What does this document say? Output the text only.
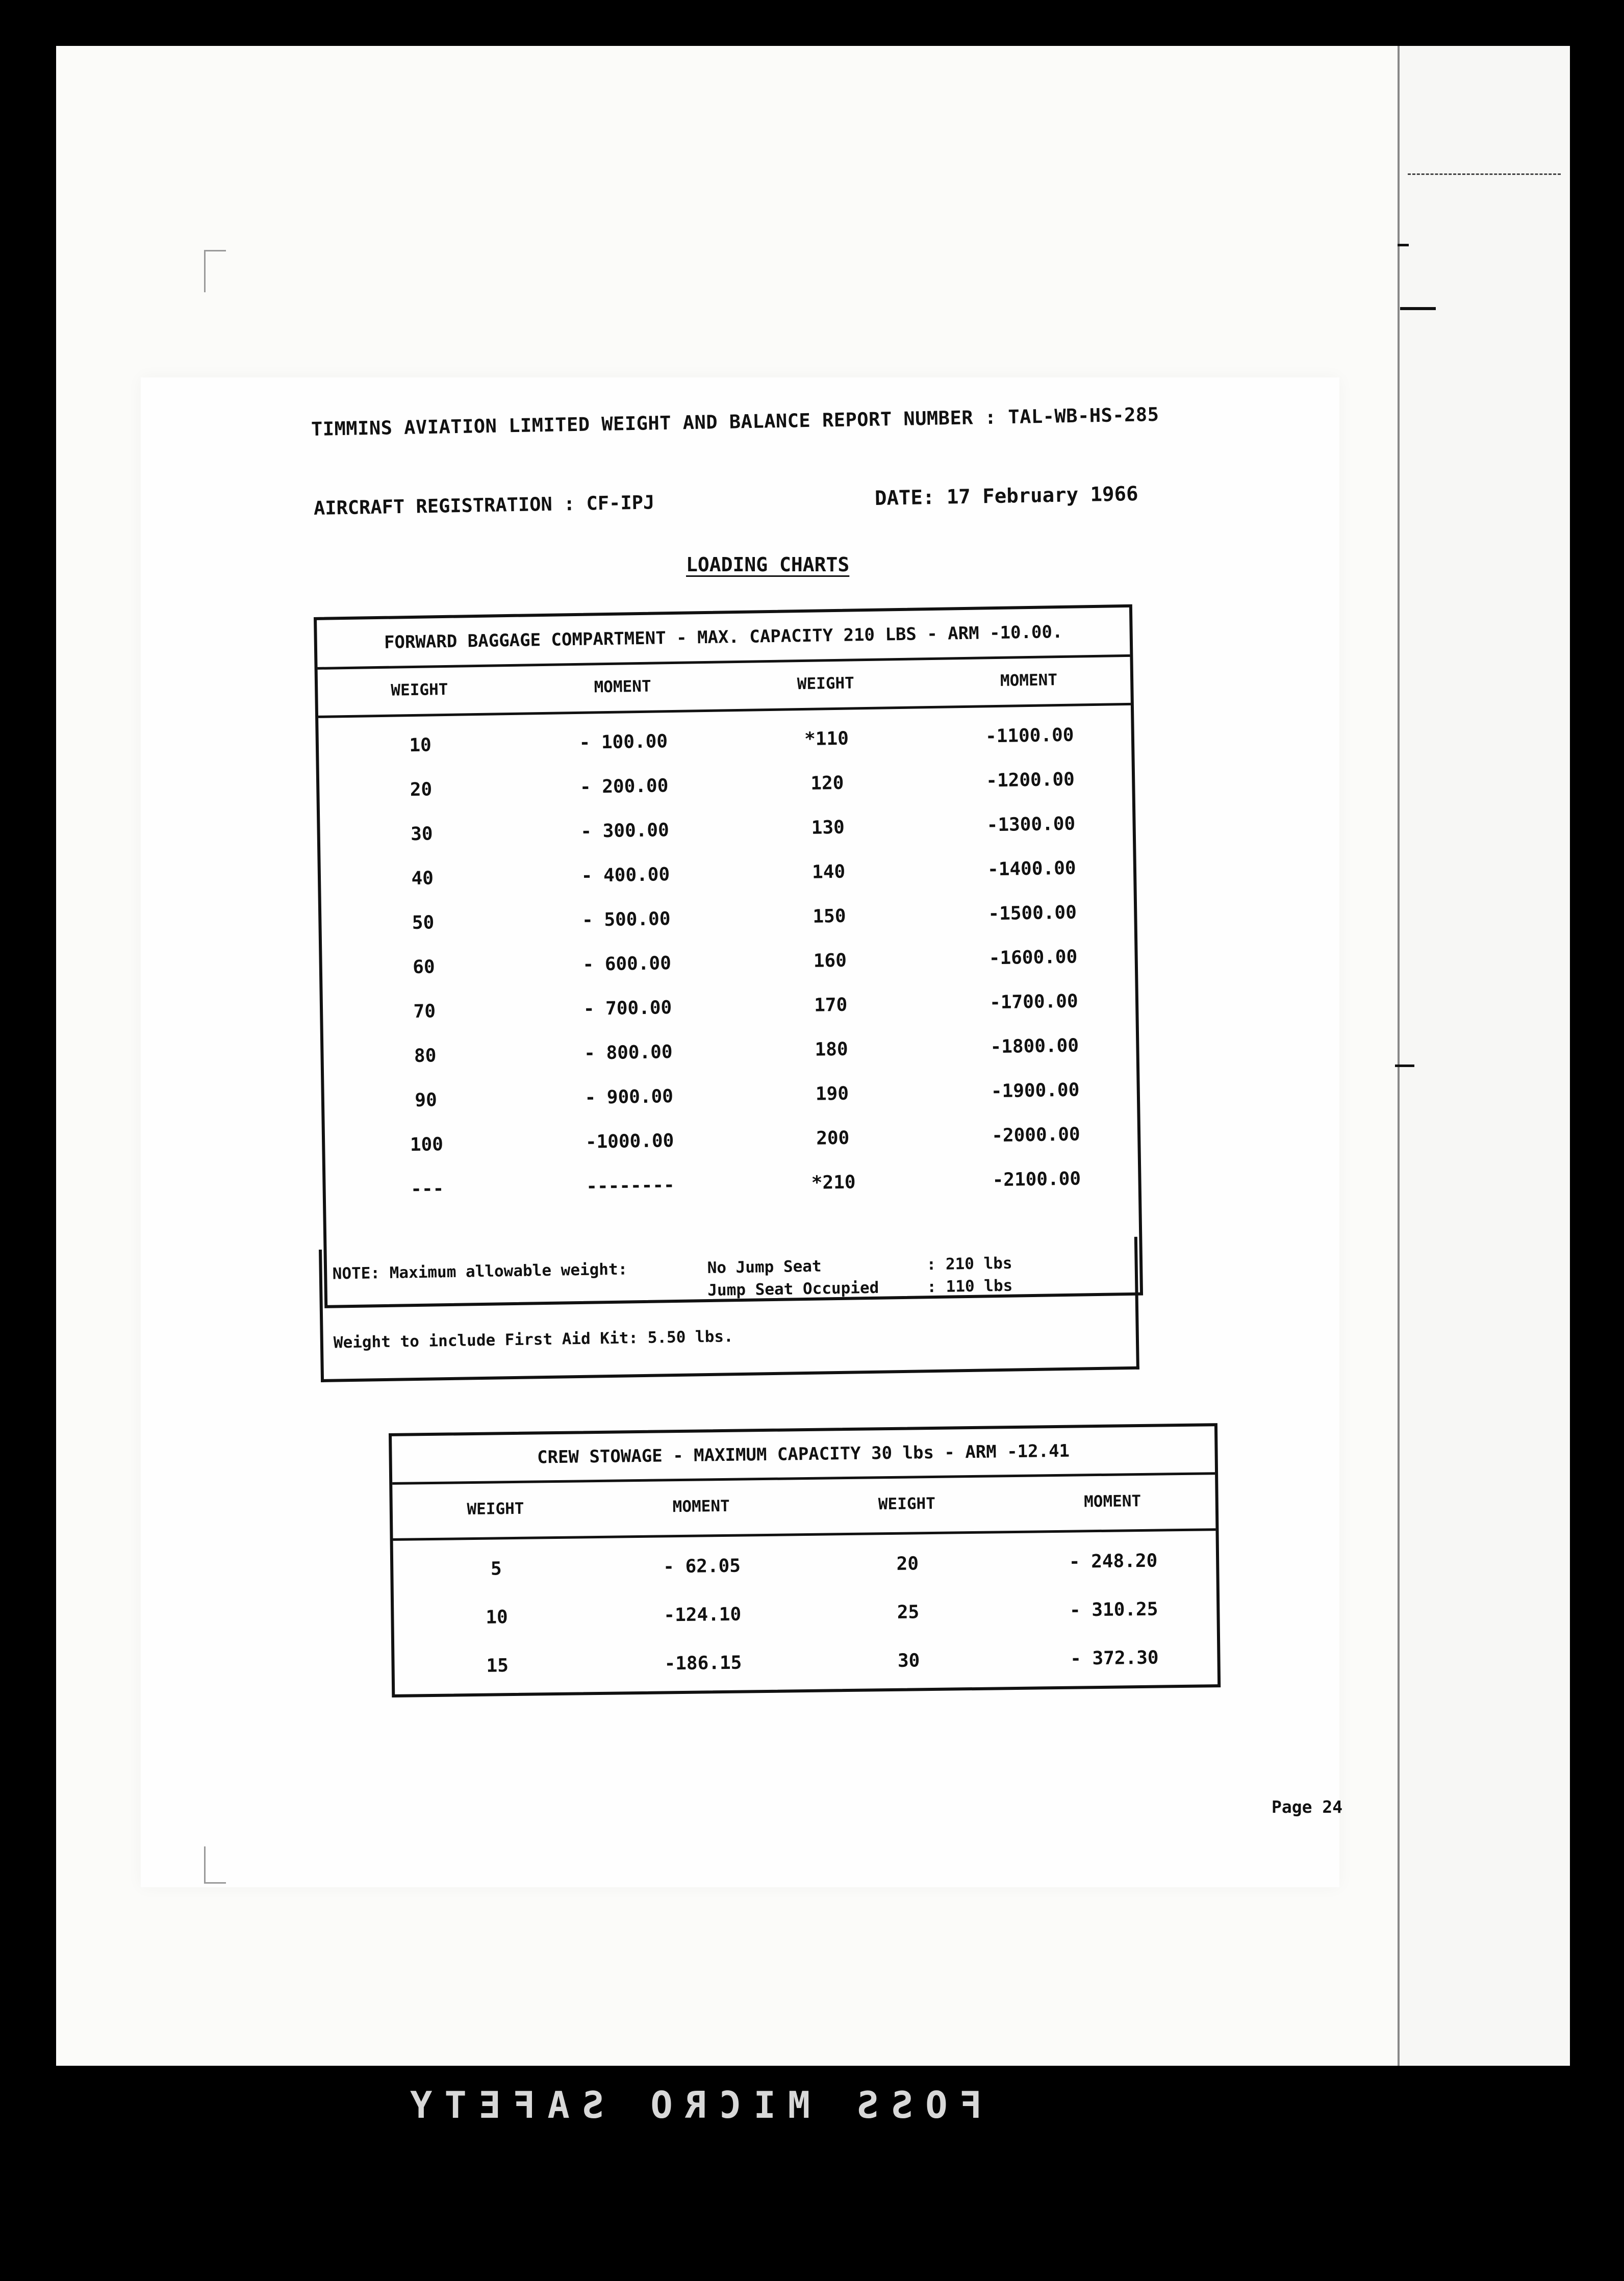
TIMMINS AVIATION LIMITED WEIGHT AND BALANCE REPORT NUMBER : TAL-WB-HS-285
AIRCRAFT REGISTRATION : CF-IPJ	DATE: 17 February 1966
LOADING CHARTS
FORWARD BAGGAGE COMPARTMENT - MAX. CAPACITY 210 LBS - ARM -10.00.
WEIGHT	MOMENT	WEIGHT	MOMENT
10	- 100.00	*110	-1100.00
20	- 200.00	120	-1200.00
30	- 300.00	130	-1300.00
40	- 400.00	140	-1400.00
50	- 500.00	150	-1500.00
60	- 600.00	160	-1600.00
70	- 700.00	170	-1700.00
80	- 800.00	180	-1800.00
90	- 900.00	190	-1900.00
100	-1000.00	200	-2000.00
---	--------	*210	-2100.00
NOTE: Maximum allowable weight:	No Jump Seat	: 210 lbs
Jump Seat Occupied	: 110 lbs
Weight to include First Aid Kit: 5.50 lbs.
CREW STOWAGE - MAXIMUM CAPACITY 30 lbs - ARM -12.41
WEIGHT	MOMENT	WEIGHT	MOMENT
5	- 62.05	20	- 248.20
10	-124.10	25	- 310.25
15	-186.15	30	- 372.30
Page 24
FOSS MICRO SAFETY
